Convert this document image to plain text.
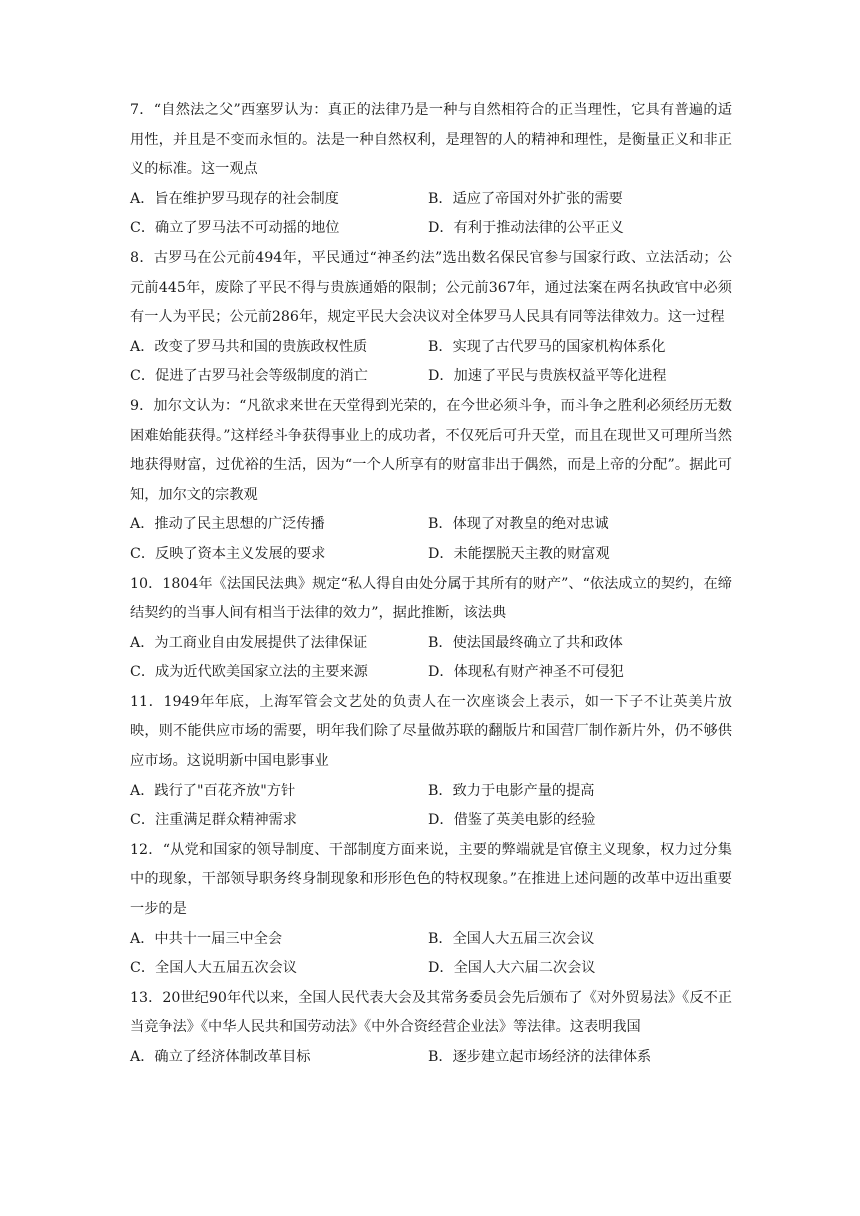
7．“自然法之父”西塞罗认为：真正的法律乃是一种与自然相符合的正当理性，它具有普遍的适用性，并且是不变而永恒的。法是一种自然权利，是理智的人的精神和理性，是衡量正义和非正义的标准。这一观点

A．旨在维护罗马现存的社会制度	B．适应了帝国对外扩张的需要
C．确立了罗马法不可动摇的地位	D．有利于推动法律的公平正义

8．古罗马在公元前494年，平民通过“神圣约法”选出数名保民官参与国家行政、立法活动；公元前445年，废除了平民不得与贵族通婚的限制；公元前367年，通过法案在两名执政官中必须有一人为平民；公元前286年，规定平民大会决议对全体罗马人民具有同等法律效力。这一过程

A．改变了罗马共和国的贵族政权性质	B．实现了古代罗马的国家机构体系化
C．促进了古罗马社会等级制度的消亡	D．加速了平民与贵族权益平等化进程

9．加尔文认为：“凡欲求来世在天堂得到光荣的，在今世必须斗争，而斗争之胜利必须经历无数困难始能获得。”这样经斗争获得事业上的成功者，不仅死后可升天堂，而且在现世又可理所当然地获得财富，过优裕的生活，因为“一个人所享有的财富非出于偶然，而是上帝的分配”。据此可知，加尔文的宗教观

A．推动了民主思想的广泛传播	B．体现了对教皇的绝对忠诚
C．反映了资本主义发展的要求	D．未能摆脱天主教的财富观

10．1804年《法国民法典》规定“私人得自由处分属于其所有的财产”、“依法成立的契约，在缔结契约的当事人间有相当于法律的效力”，据此推断，该法典

A．为工商业自由发展提供了法律保证	B．使法国最终确立了共和政体
C．成为近代欧美国家立法的主要来源	D．体现私有财产神圣不可侵犯

11．1949年年底，上海军管会文艺处的负责人在一次座谈会上表示，如一下子不让英美片放映，则不能供应市场的需要，明年我们除了尽量做苏联的翻版片和国营厂制作新片外，仍不够供应市场。这说明新中国电影事业

A．践行了"百花齐放"方针	B．致力于电影产量的提高
C．注重满足群众精神需求	D．借鉴了英美电影的经验

12．“从党和国家的领导制度、干部制度方面来说，主要的弊端就是官僚主义现象，权力过分集中的现象，干部领导职务终身制现象和形形色色的特权现象。”在推进上述问题的改革中迈出重要一步的是

A．中共十一届三中全会	B．全国人大五届三次会议
C．全国人大五届五次会议	D．全国人大六届二次会议

13．20世纪90年代以来，全国人民代表大会及其常务委员会先后颁布了《对外贸易法》《反不正当竞争法》《中华人民共和国劳动法》《中外合资经营企业法》等法律。这表明我国

A．确立了经济体制改革目标	B．逐步建立起市场经济的法律体系
